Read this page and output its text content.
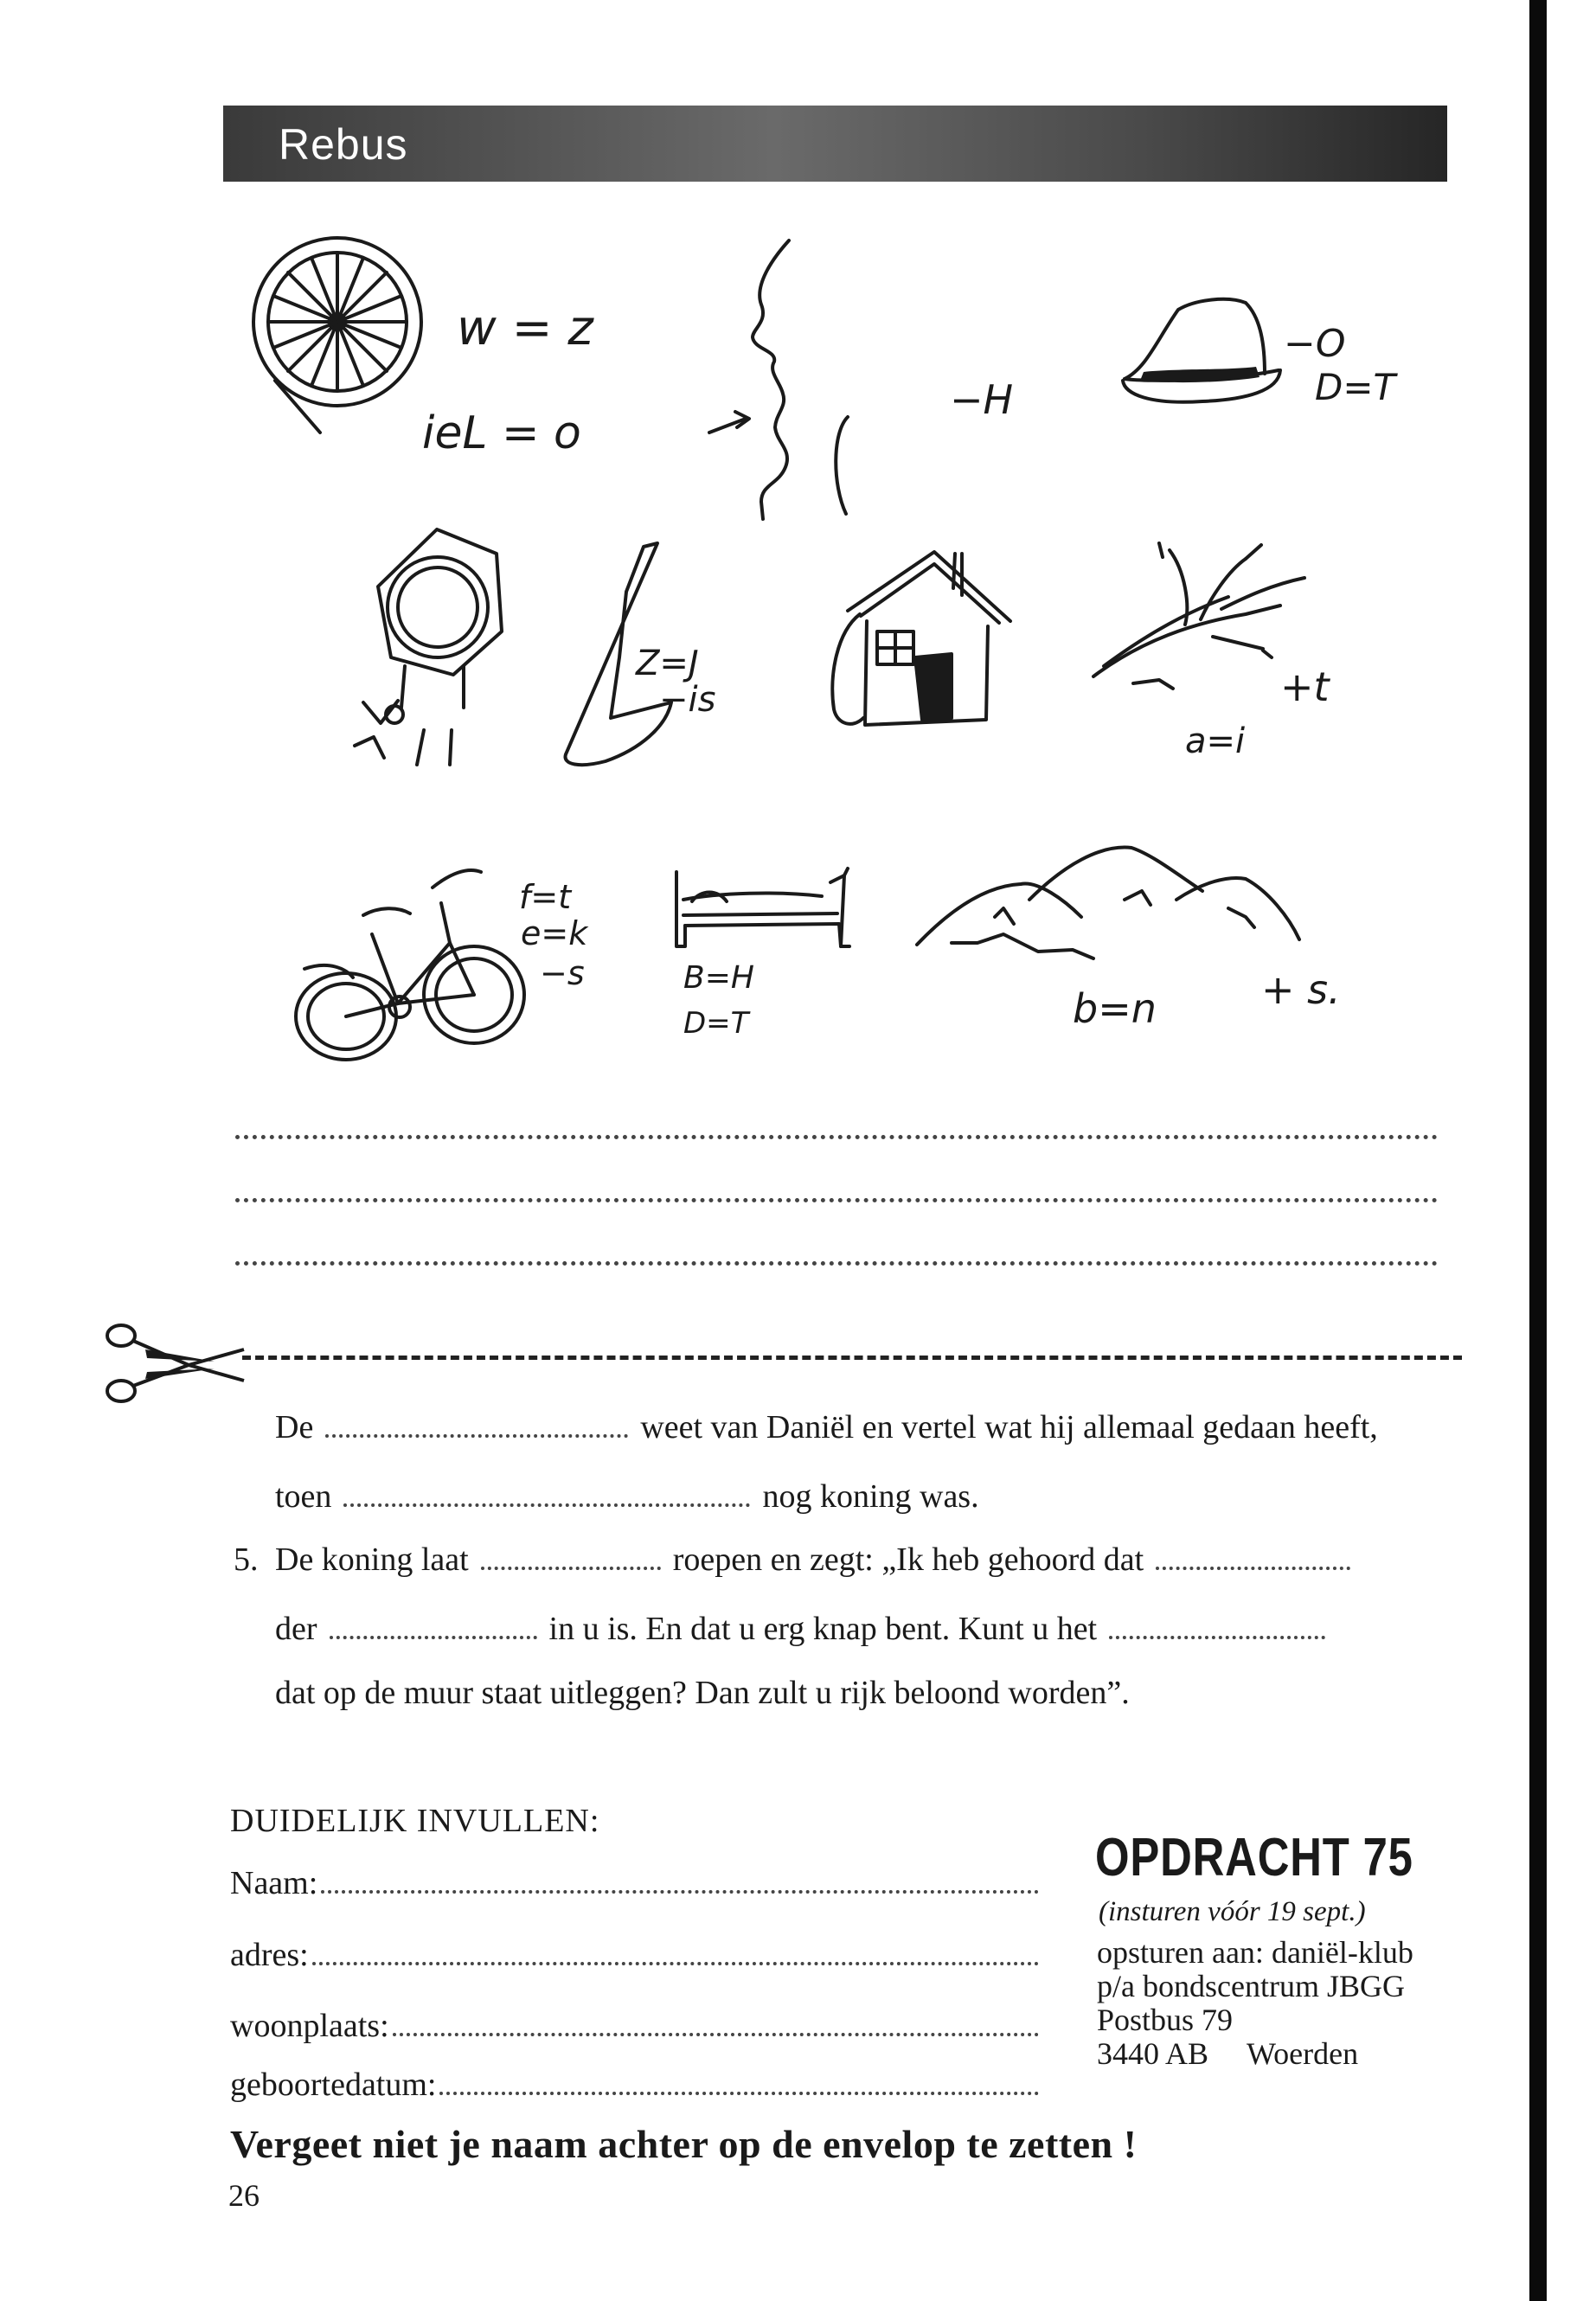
Rebus
w = z
ieL = o
−H
−O
D=T
Z=J
−is	+t
a=i
f=t
e=k
−s	B=H
D=T	b=n	+ s.
De	weet van Daniël en vertel wat hij allemaal gedaan heeft,
toen	nog koning was.
5. De koning laat	roepen en zegt: „Ik heb gehoord dat
der	in u is. En dat u erg knap bent. Kunt u het
dat op de muur staat uitleggen? Dan zult u rijk beloond worden”.
DUIDELIJK INVULLEN:
Naam:
adres:
woonplaats:
geboortedatum:
OPDRACHT 75
(insturen vóór 19 sept.)
opsturen aan: daniël-klub
p/a bondscentrum JBGG
Postbus 79
3440 AB Woerden
Vergeet niet je naam achter op de envelop te zetten !
26
